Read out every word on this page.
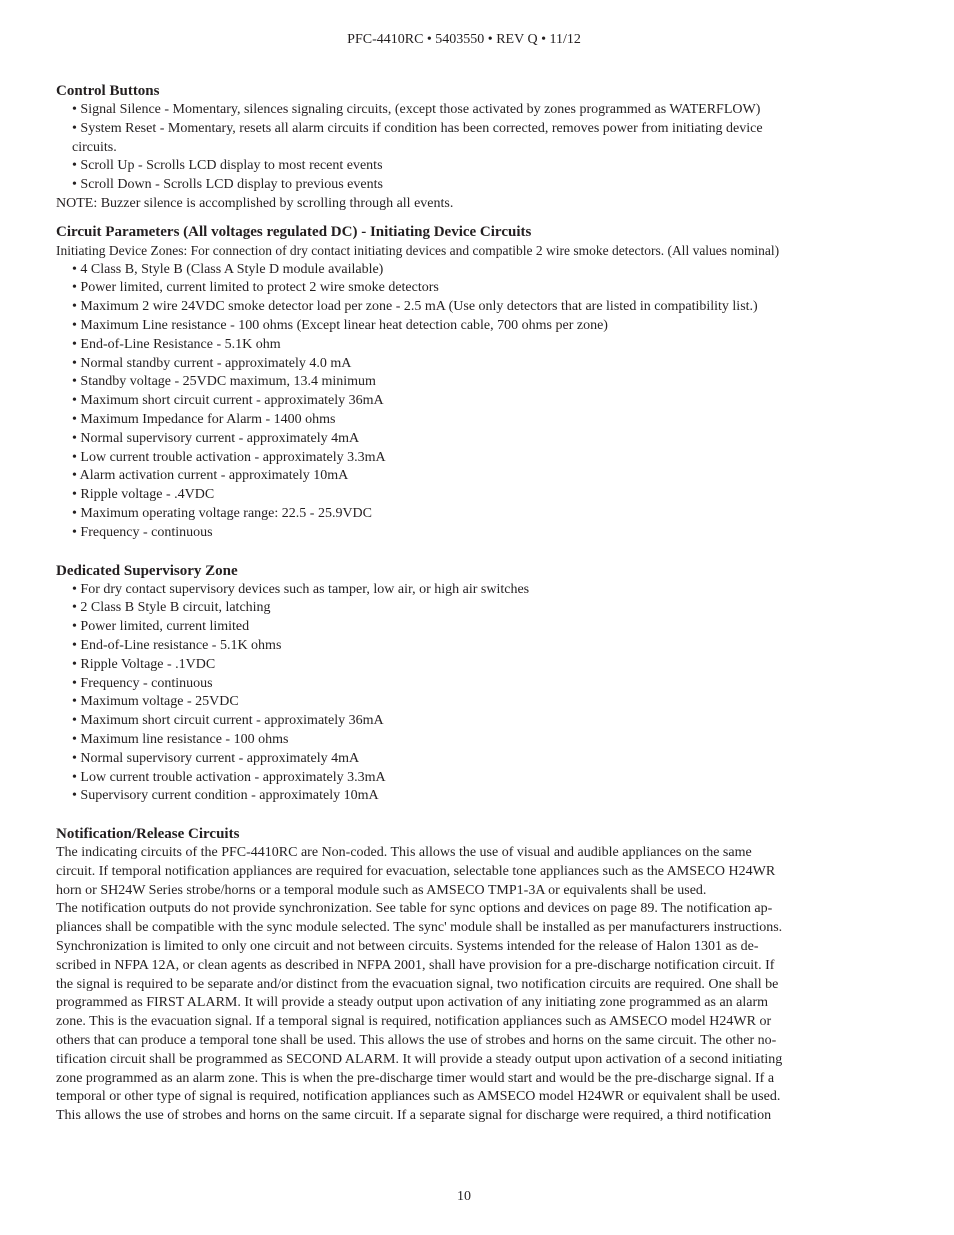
PFC-4410RC • 5403550 • REV Q • 11/12

Control Buttons

• Signal Silence - Momentary, silences signaling circuits, (except those activated by zones programmed as WATERFLOW)

• System Reset - Momentary, resets all alarm circuits if condition has been corrected, removes power from initiating device

circuits.

• Scroll Up - Scrolls LCD display to most recent events

• Scroll Down - Scrolls LCD display to previous events

NOTE: Buzzer silence is accomplished by scrolling through all events.

Circuit Parameters (All voltages regulated DC) - Initiating Device Circuits

Initiating Device Zones: For connection of dry contact initiating devices and compatible 2 wire smoke detectors. (All values nominal)

• 4 Class B, Style B (Class A Style D module available)

• Power limited, current limited to protect 2 wire smoke detectors

• Maximum 2 wire 24VDC smoke detector load per zone - 2.5 mA (Use only detectors that are listed in compatibility list.)

• Maximum Line resistance - 100 ohms (Except linear heat detection cable, 700 ohms per zone)

• End-of-Line Resistance - 5.1K ohm

• Normal standby current - approximately 4.0 mA

• Standby voltage - 25VDC maximum, 13.4 minimum

• Maximum short circuit current - approximately 36mA

• Maximum Impedance for Alarm - 1400 ohms

• Normal supervisory current - approximately 4mA

• Low current trouble activation - approximately 3.3mA

• Alarm activation current - approximately 10mA

• Ripple voltage - .4VDC

• Maximum operating voltage range: 22.5 - 25.9VDC

• Frequency - continuous

Dedicated Supervisory Zone

• For dry contact supervisory devices such as tamper, low air, or high air switches

• 2 Class B Style B circuit, latching

• Power limited, current limited

• End-of-Line resistance - 5.1K ohms

• Ripple Voltage - .1VDC

• Frequency - continuous

• Maximum voltage - 25VDC

• Maximum short circuit current - approximately 36mA

• Maximum line resistance - 100 ohms

• Normal supervisory current - approximately 4mA

• Low current trouble activation - approximately 3.3mA

• Supervisory current condition - approximately 10mA

Notification/Release Circuits

The indicating circuits of the PFC-4410RC are Non-coded. This allows the use of visual and audible appliances on the same

circuit. If temporal notification appliances are required for evacuation, selectable tone appliances such as the AMSECO H24WR

horn or SH24W Series strobe/horns or a temporal module such as AMSECO TMP1-3A or equivalents shall be used.

The notification outputs do not provide synchronization. See table for sync options and devices on page 89. The notification ap-

pliances shall be compatible with the sync module selected. The sync' module shall be installed as per manufacturers instructions.

Synchronization is limited to only one circuit and not between circuits. Systems intended for the release of Halon 1301 as de-

scribed in NFPA 12A, or clean agents as described in NFPA 2001, shall have provision for a pre-discharge notification circuit. If

the signal is required to be separate and/or distinct from the evacuation signal, two notification circuits are required. One shall be

programmed as FIRST ALARM. It will provide a steady output upon activation of any initiating zone programmed as an alarm

zone. This is the evacuation signal. If a temporal signal is required, notification appliances such as AMSECO model H24WR or

others that can produce a temporal tone shall be used. This allows the use of strobes and horns on the same circuit. The other no-

tification circuit shall be programmed as SECOND ALARM. It will provide a steady output upon activation of a second initiating

zone programmed as an alarm zone. This is when the pre-discharge timer would start and would be the pre-discharge signal. If a

temporal or other type of signal is required, notification appliances such as AMSECO model H24WR or equivalent shall be used.

This allows the use of strobes and horns on the same circuit. If a separate signal for discharge were required, a third notification

10
